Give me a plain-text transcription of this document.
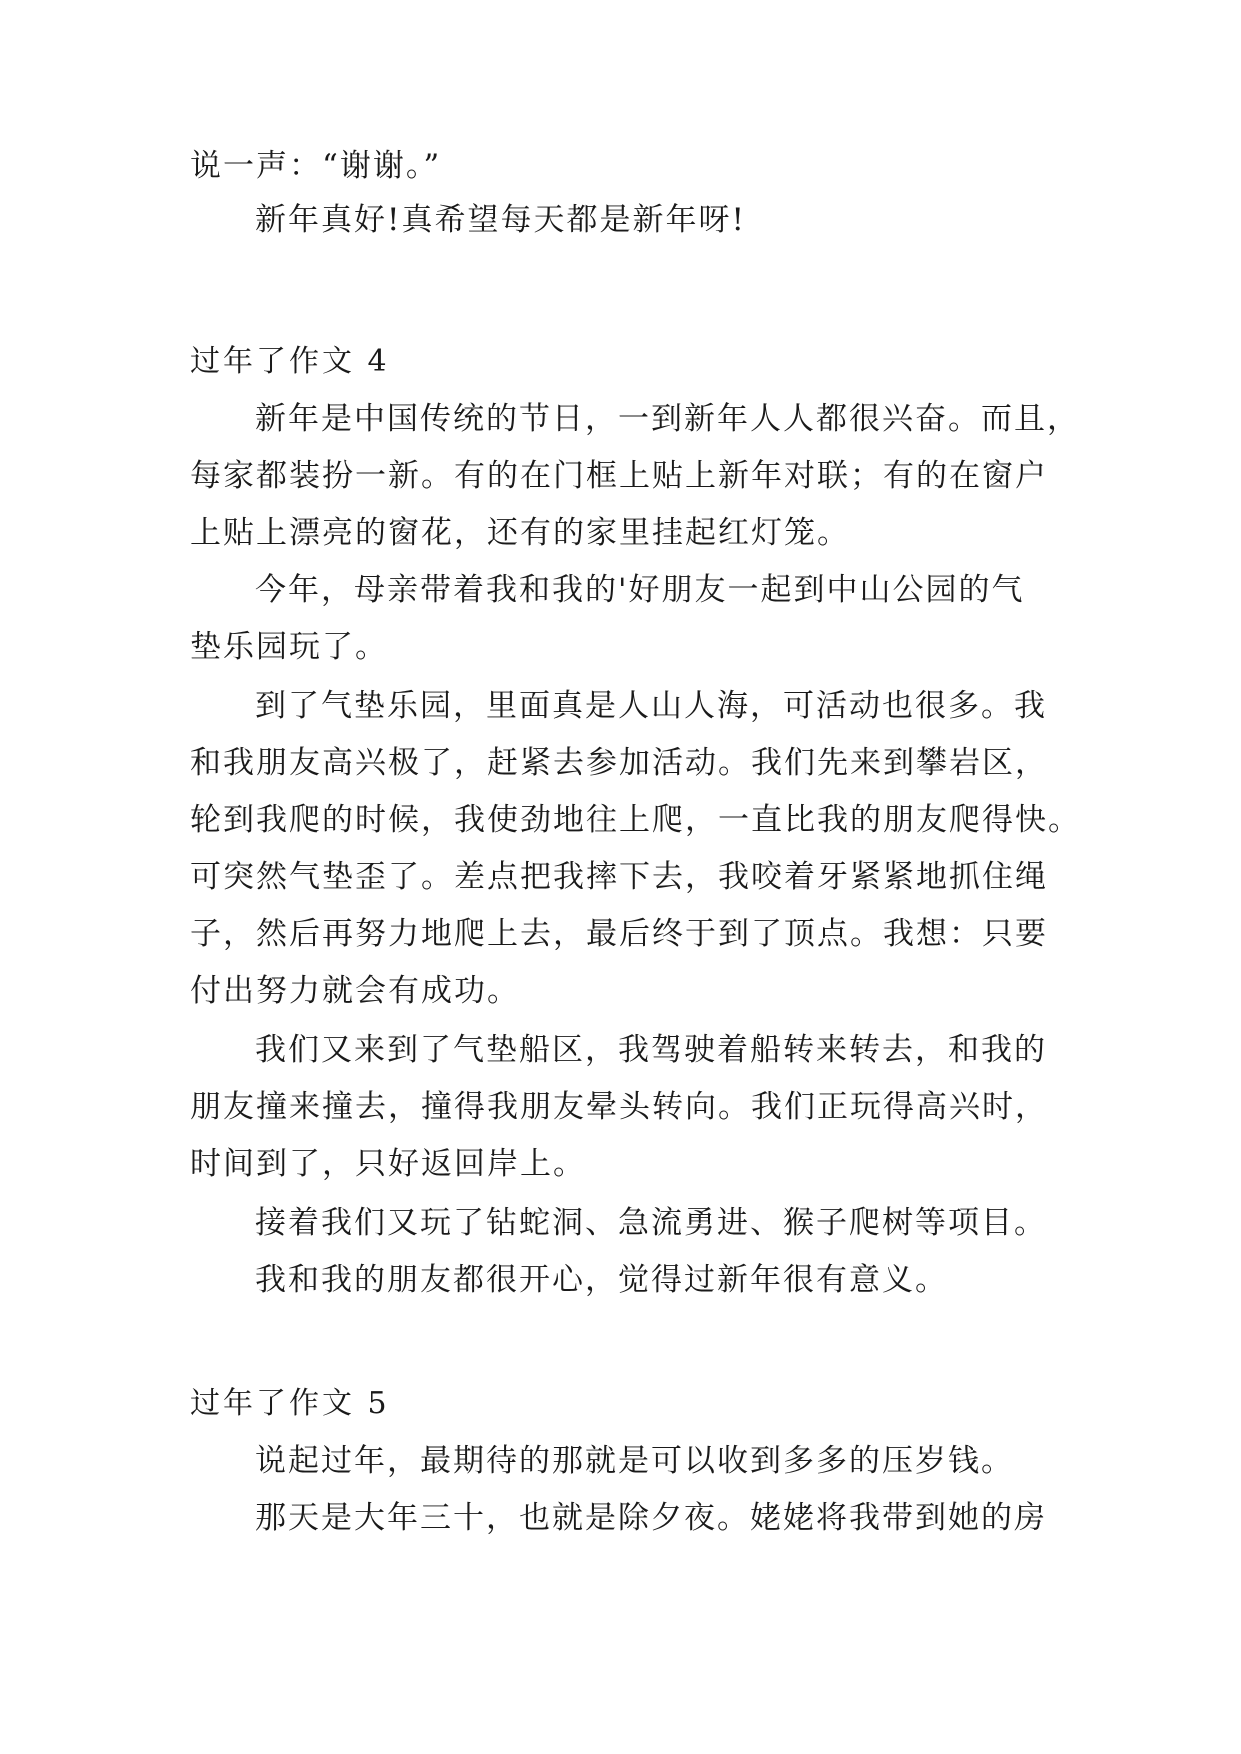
说一声：“谢谢。”
新年真好!真希望每天都是新年呀!
过年了作文 4
新年是中国传统的节日，一到新年人人都很兴奋。而且，
每家都装扮一新。有的在门框上贴上新年对联；有的在窗户
上贴上漂亮的窗花，还有的家里挂起红灯笼。
今年，母亲带着我和我的'好朋友一起到中山公园的气
垫乐园玩了。
到了气垫乐园，里面真是人山人海，可活动也很多。我
和我朋友高兴极了，赶紧去参加活动。我们先来到攀岩区，
轮到我爬的时候，我使劲地往上爬，一直比我的朋友爬得快。
可突然气垫歪了。差点把我摔下去，我咬着牙紧紧地抓住绳
子，然后再努力地爬上去，最后终于到了顶点。我想：只要
付出努力就会有成功。
我们又来到了气垫船区，我驾驶着船转来转去，和我的
朋友撞来撞去，撞得我朋友晕头转向。我们正玩得高兴时，
时间到了，只好返回岸上。
接着我们又玩了钻蛇洞、急流勇进、猴子爬树等项目。
我和我的朋友都很开心，觉得过新年很有意义。
过年了作文 5
说起过年，最期待的那就是可以收到多多的压岁钱。
那天是大年三十，也就是除夕夜。姥姥将我带到她的房
